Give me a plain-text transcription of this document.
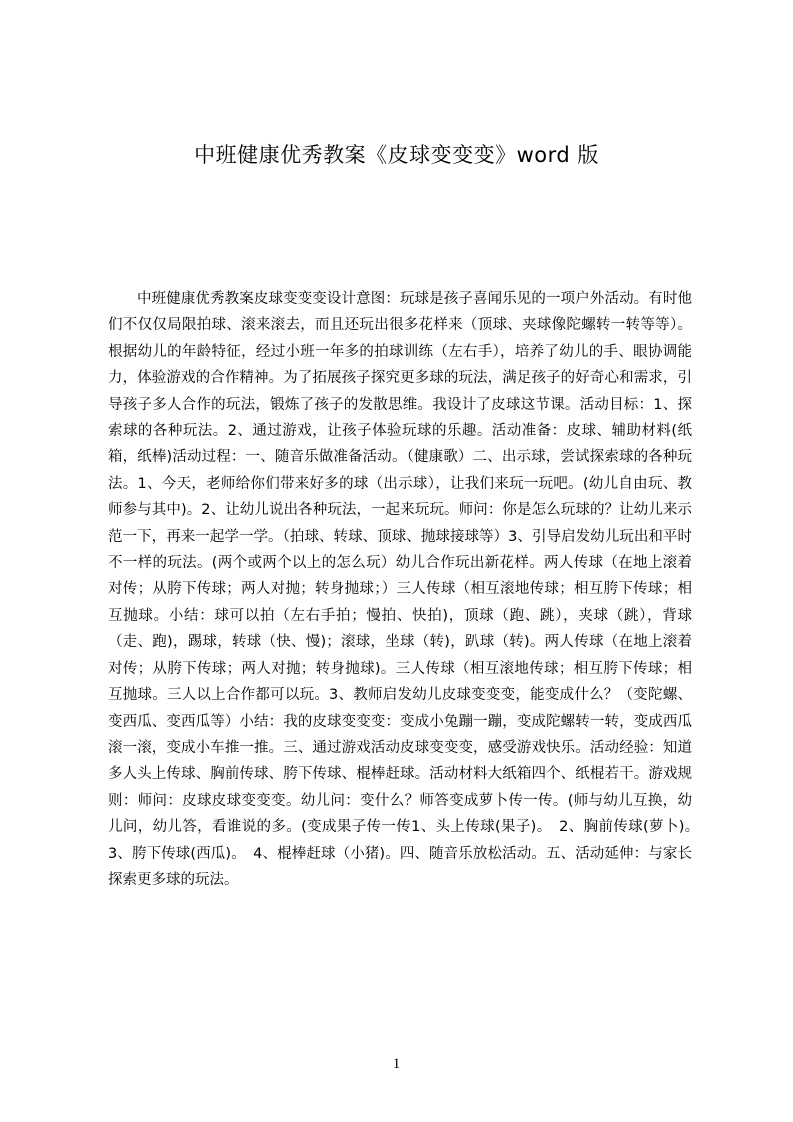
中班健康优秀教案《皮球变变变》word 版

中班健康优秀教案皮球变变变设计意图：玩球是孩子喜闻乐见的一项户外活动。有时他们不仅仅局限拍球、滚来滚去，而且还玩出很多花样来（顶球、夹球像陀螺转一转等等）。根据幼儿的年龄特征，经过小班一年多的拍球训练（左右手），培养了幼儿的手、眼协调能力，体验游戏的合作精神。为了拓展孩子探究更多球的玩法，满足孩子的好奇心和需求，引导孩子多人合作的玩法，锻炼了孩子的发散思维。我设计了皮球这节课。活动目标：1、探索球的各种玩法。2、通过游戏，让孩子体验玩球的乐趣。活动准备：皮球、辅助材料(纸箱，纸棒)活动过程：一、随音乐做准备活动。（健康歌）二、出示球，尝试探索球的各种玩法。1、今天，老师给你们带来好多的球（出示球），让我们来玩一玩吧。(幼儿自由玩、教师参与其中)。2、让幼儿说出各种玩法，一起来玩玩。师问：你是怎么玩球的？让幼儿来示范一下，再来一起学一学。（拍球、转球、顶球、抛球接球等）3、引导启发幼儿玩出和平时不一样的玩法。(两个或两个以上的怎么玩）幼儿合作玩出新花样。两人传球（在地上滚着对传；从胯下传球；两人对抛；转身抛球；）三人传球（相互滚地传球；相互胯下传球；相互抛球。小结：球可以拍（左右手拍；慢拍、快拍)，顶球（跑、跳），夹球（跳），背球（走、跑)，踢球，转球（快、慢)；滚球，坐球（转)，趴球（转)。两人传球（在地上滚着对传；从胯下传球；两人对抛；转身抛球)。三人传球（相互滚地传球；相互胯下传球；相互抛球。三人以上合作都可以玩。3、教师启发幼儿皮球变变变，能变成什么？（变陀螺、变西瓜、变西瓜等）小结：我的皮球变变变：变成小兔蹦一蹦，变成陀螺转一转，变成西瓜滚一滚，变成小车推一推。三、通过游戏活动皮球变变变，感受游戏快乐。活动经验：知道多人头上传球、胸前传球、胯下传球、棍棒赶球。活动材料大纸箱四个、纸棍若干。游戏规则：师问：皮球皮球变变变。幼儿问：变什么？师答变成萝卜传一传。(师与幼儿互换，幼儿问，幼儿答，看谁说的多。(变成果子传一传1、头上传球(果子)。　2、胸前传球(萝卜)。　3、胯下传球(西瓜)。　4、棍棒赶球（小猪)。四、随音乐放松活动。五、活动延伸：与家长探索更多球的玩法。

1
